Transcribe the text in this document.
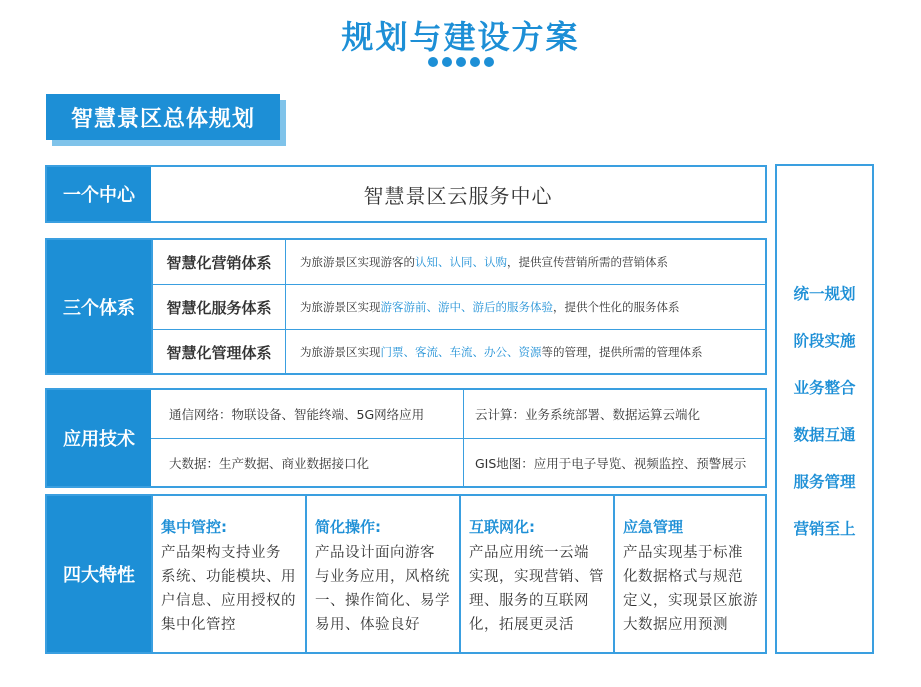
规划与建设方案
智慧景区总体规划
一个中心	智慧景区云服务中心
三个体系
智慧化营销体系	为旅游景区实现游客的 认知、认同、认购 ，提供宣传营销所需的营销体系
智慧化服务体系	为旅游景区实现 游客游前、游中、游后的服务体验 ，提供个性化的服务体系
智慧化管理体系	为旅游景区实现 门票、客流、车流、办公、资源 等的管理，提供所需的管理体系
应用技术
通信网络：物联设备、智能终端、5G网络应用	云计算：业务系统部署、数据运算云端化
大数据：生产数据、商业数据接口化	GIS地图：应用于电子导览、视频监控、预警展示
四大特性
集中管控:
产品架构支持业务
系统、功能模块、用
户信息、应用授权的
集中化管控
简化操作:
产品设计面向游客
与业务应用，风格统
一、操作简化、易学
易用、体验良好
互联网化:
产品应用统一云端
实现，实现营销、管
理、服务的互联网
化，拓展更灵活
应急管理
产品实现基于标准
化数据格式与规范
定义，实现景区旅游
大数据应用预测
统一规划
阶段实施
业务整合
数据互通
服务管理
营销至上
